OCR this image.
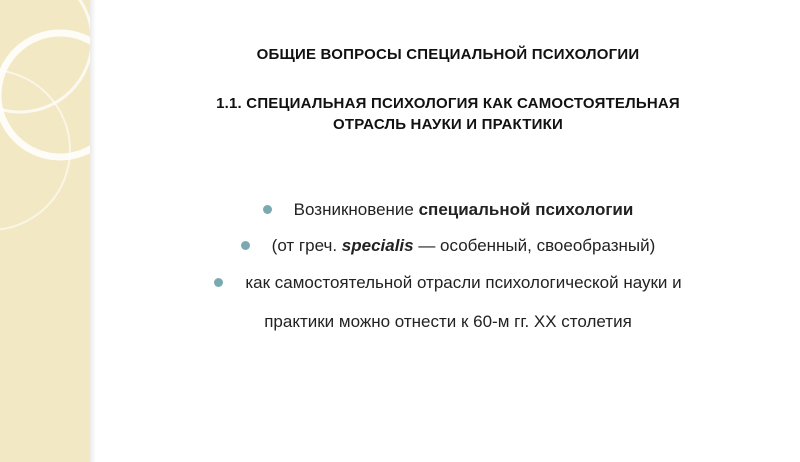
ОБЩИЕ ВОПРОСЫ СПЕЦИАЛЬНОЙ ПСИХОЛОГИИ
1.1. СПЕЦИАЛЬНАЯ ПСИХОЛОГИЯ КАК САМОСТОЯТЕЛЬНАЯ
ОТРАСЛЬ НАУКИ И ПРАКТИКИ
Возникновение специальной психологии
(от греч. specialis — особенный, своеобразный)
как самостоятельной отрасли психологической науки и
практики можно отнести к 60-м гг. XX столетия
